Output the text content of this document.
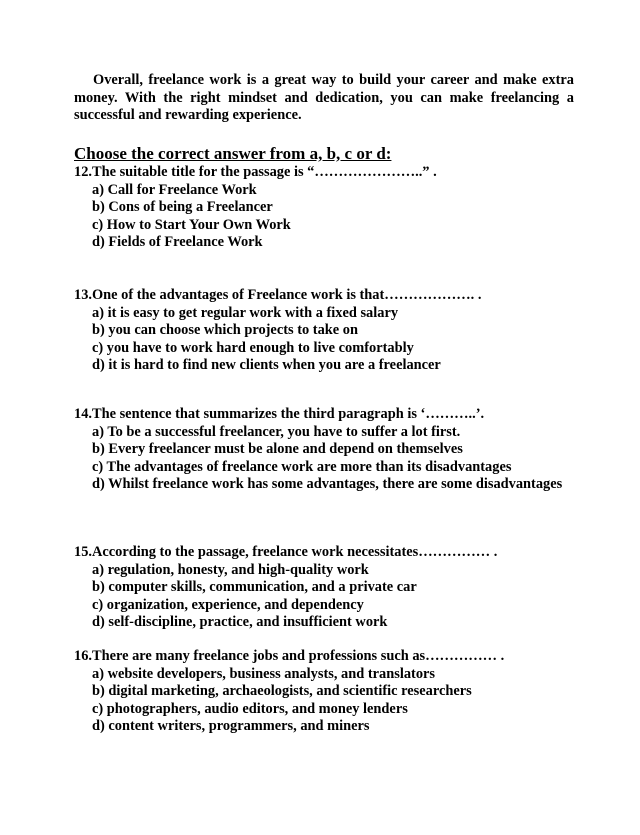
Overall, freelance work is a great way to build your career and make extra money. With the right mindset and dedication, you can make freelancing a successful and rewarding experience.

Choose the correct answer from a, b, c or d:
12.The suitable title for the passage is “…………………..” .
a) Call for Freelance Work
b) Cons of being a Freelancer
c) How to Start Your Own Work
d) Fields of Freelance Work
13.One of the advantages of Freelance work is that………………. .
a) it is easy to get regular work with a fixed salary
b) you can choose which projects to take on
c) you have to work hard enough to live comfortably
d) it is hard to find new clients when you are a freelancer
14.The sentence that summarizes the third paragraph is ‘………..’.
a) To be a successful freelancer, you have to suffer a lot first.
b) Every freelancer must be alone and depend on themselves
c) The advantages of freelance work are more than its disadvantages
d) Whilst freelance work has some advantages, there are some disadvantages
15.According to the passage, freelance work necessitates…………… .
a) regulation, honesty, and high-quality work
b) computer skills, communication, and a private car
c) organization, experience, and dependency
d) self-discipline, practice, and insufficient work
16.There are many freelance jobs and professions such as…………… .
a) website developers, business analysts, and translators
b) digital marketing, archaeologists, and scientific researchers
c) photographers, audio editors, and money lenders
d) content writers, programmers, and miners
